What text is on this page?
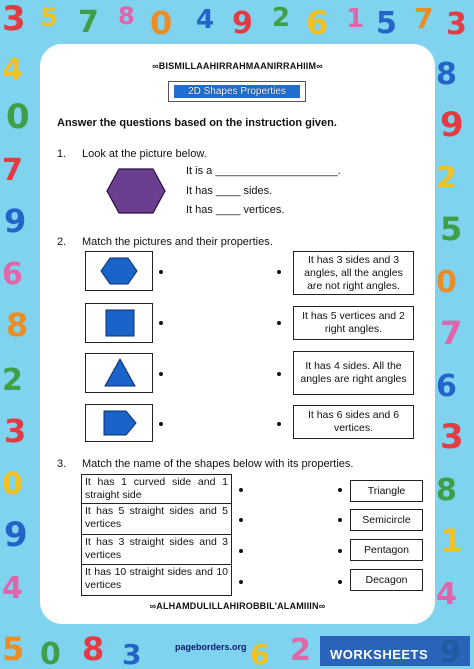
3 5 7 8 0 4 9 2 6 1 5 7 3
4
0
7
9
6
8
2
3
0
9
4
8
9
2
5
0
7
6
3
8
1
4
5 0 8 3	6 2
∞BISMILLAAHIRRAHMAANIRRAHIIM∞
2D Shapes Properties
Answer the questions based on the instruction given.
1. Look at the picture below.
It is a ____________________.
It has ____ sides.
It has ____ vertices.
2. Match the pictures and their properties.
It has 3 sides and 3 angles, all the angles are not right angles.
It has 5 vertices and 2 right angles.
It has 4 sides. All the angles are right angles
It has 6 sides and 6 vertices.
3. Match the name of the shapes below with its properties.
It has 1 curved side and 1 straight side
It has 5 straight sides and 5 vertices
It has 3 straight sides and 3 vertices
It has 10 straight sides and 10 vertices
Triangle
Semicircle
Pentagon
Decagon
∞ALHAMDULILLAHIROBBIL'ALAMIIIN∞
pageborders.org	WORKSHEETS
